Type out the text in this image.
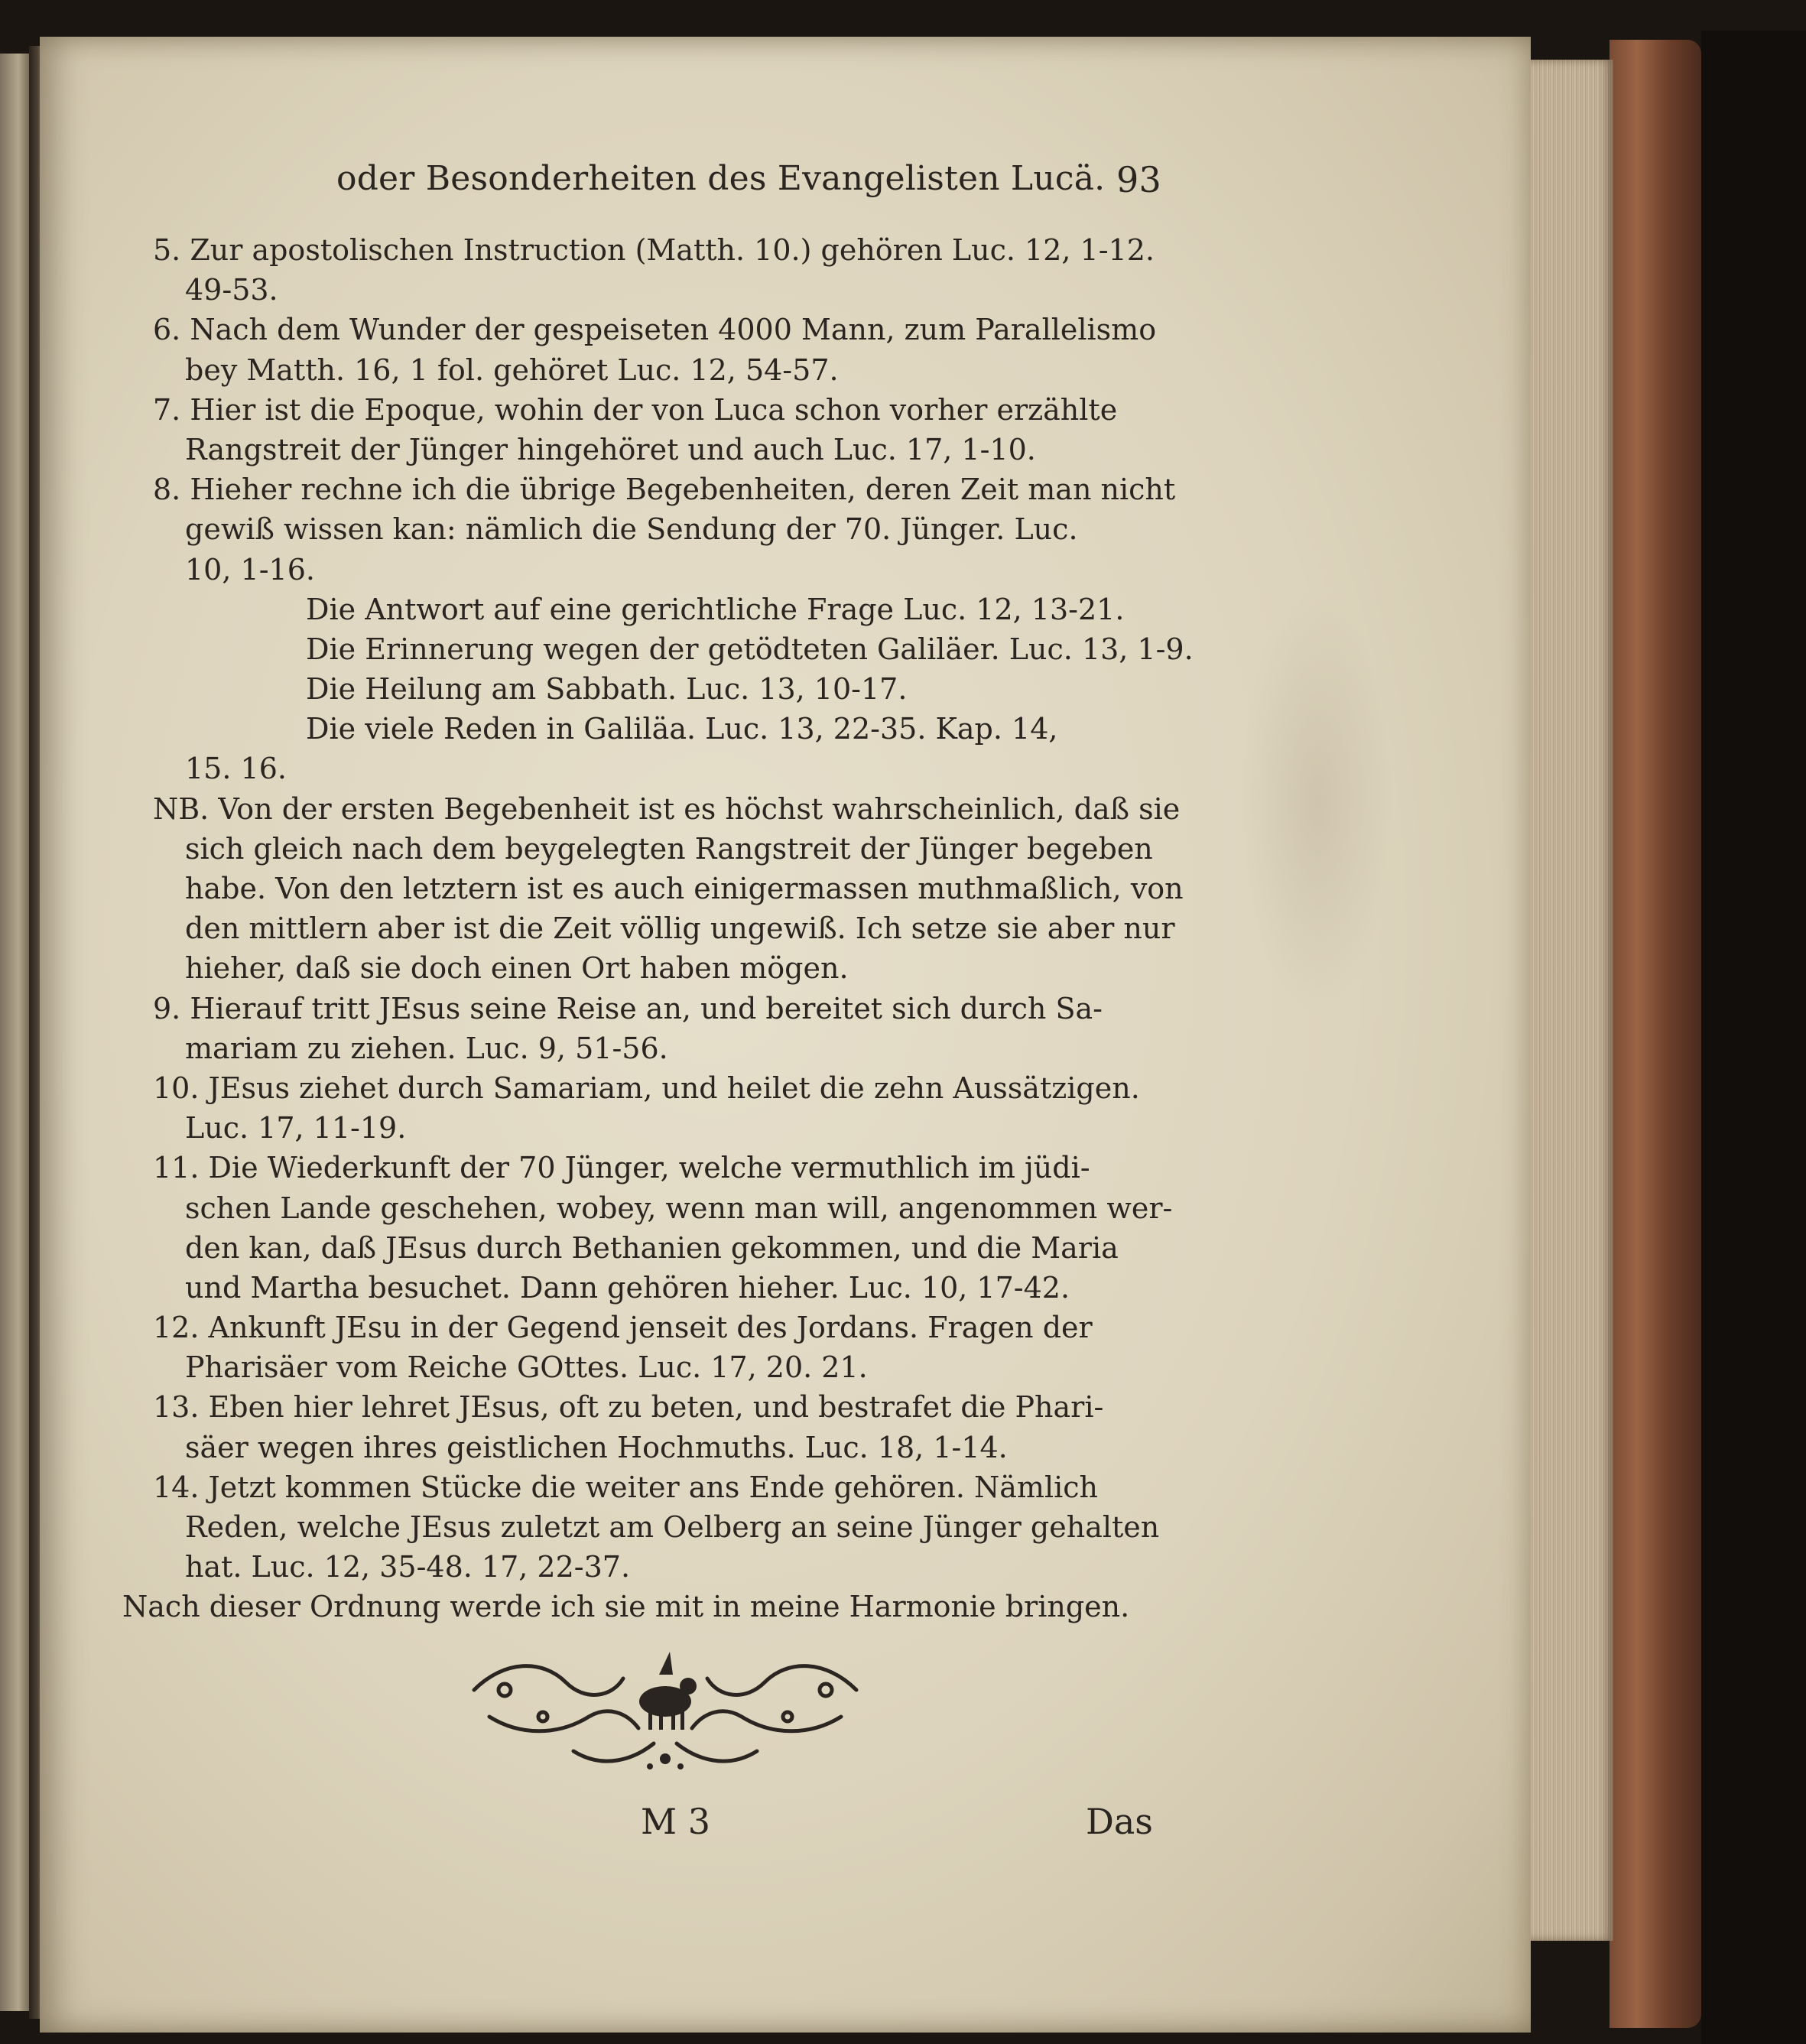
oder Besonderheiten des Evangelisten Lucä. 93
5. Zur apostolischen Instruction (Matth. 10.) gehören Luc. 12, 1-12.
49-53.
6. Nach dem Wunder der gespeiseten 4000 Mann, zum Parallelismo
bey Matth. 16, 1 fol. gehöret Luc. 12, 54-57.
7. Hier ist die Epoque, wohin der von Luca schon vorher erzählte
Rangstreit der Jünger hingehöret und auch Luc. 17, 1-10.
8. Hieher rechne ich die übrige Begebenheiten, deren Zeit man nicht
gewiß wissen kan: nämlich die Sendung der 70. Jünger. Luc.
10, 1-16.
Die Antwort auf eine gerichtliche Frage Luc. 12, 13-21.
Die Erinnerung wegen der getödteten Galiläer. Luc. 13, 1-9.
Die Heilung am Sabbath. Luc. 13, 10-17.
Die viele Reden in Galiläa. Luc. 13, 22-35. Kap. 14,
15. 16.
NB. Von der ersten Begebenheit ist es höchst wahrscheinlich, daß sie
sich gleich nach dem beygelegten Rangstreit der Jünger begeben
habe. Von den letztern ist es auch einigermassen muthmaßlich, von
den mittlern aber ist die Zeit völlig ungewiß. Ich setze sie aber nur
hieher, daß sie doch einen Ort haben mögen.
9. Hierauf tritt JEsus seine Reise an, und bereitet sich durch Sa-
mariam zu ziehen. Luc. 9, 51-56.
10. JEsus ziehet durch Samariam, und heilet die zehn Aussätzigen.
Luc. 17, 11-19.
11. Die Wiederkunft der 70 Jünger, welche vermuthlich im jüdi-
schen Lande geschehen, wobey, wenn man will, angenommen wer-
den kan, daß JEsus durch Bethanien gekommen, und die Maria
und Martha besuchet. Dann gehören hieher. Luc. 10, 17-42.
12. Ankunft JEsu in der Gegend jenseit des Jordans. Fragen der
Pharisäer vom Reiche GOttes. Luc. 17, 20. 21.
13. Eben hier lehret JEsus, oft zu beten, und bestrafet die Phari-
säer wegen ihres geistlichen Hochmuths. Luc. 18, 1-14.
14. Jetzt kommen Stücke die weiter ans Ende gehören. Nämlich
Reden, welche JEsus zuletzt am Oelberg an seine Jünger gehalten
hat. Luc. 12, 35-48. 17, 22-37.
Nach dieser Ordnung werde ich sie mit in meine Harmonie bringen.
M 3	Das
